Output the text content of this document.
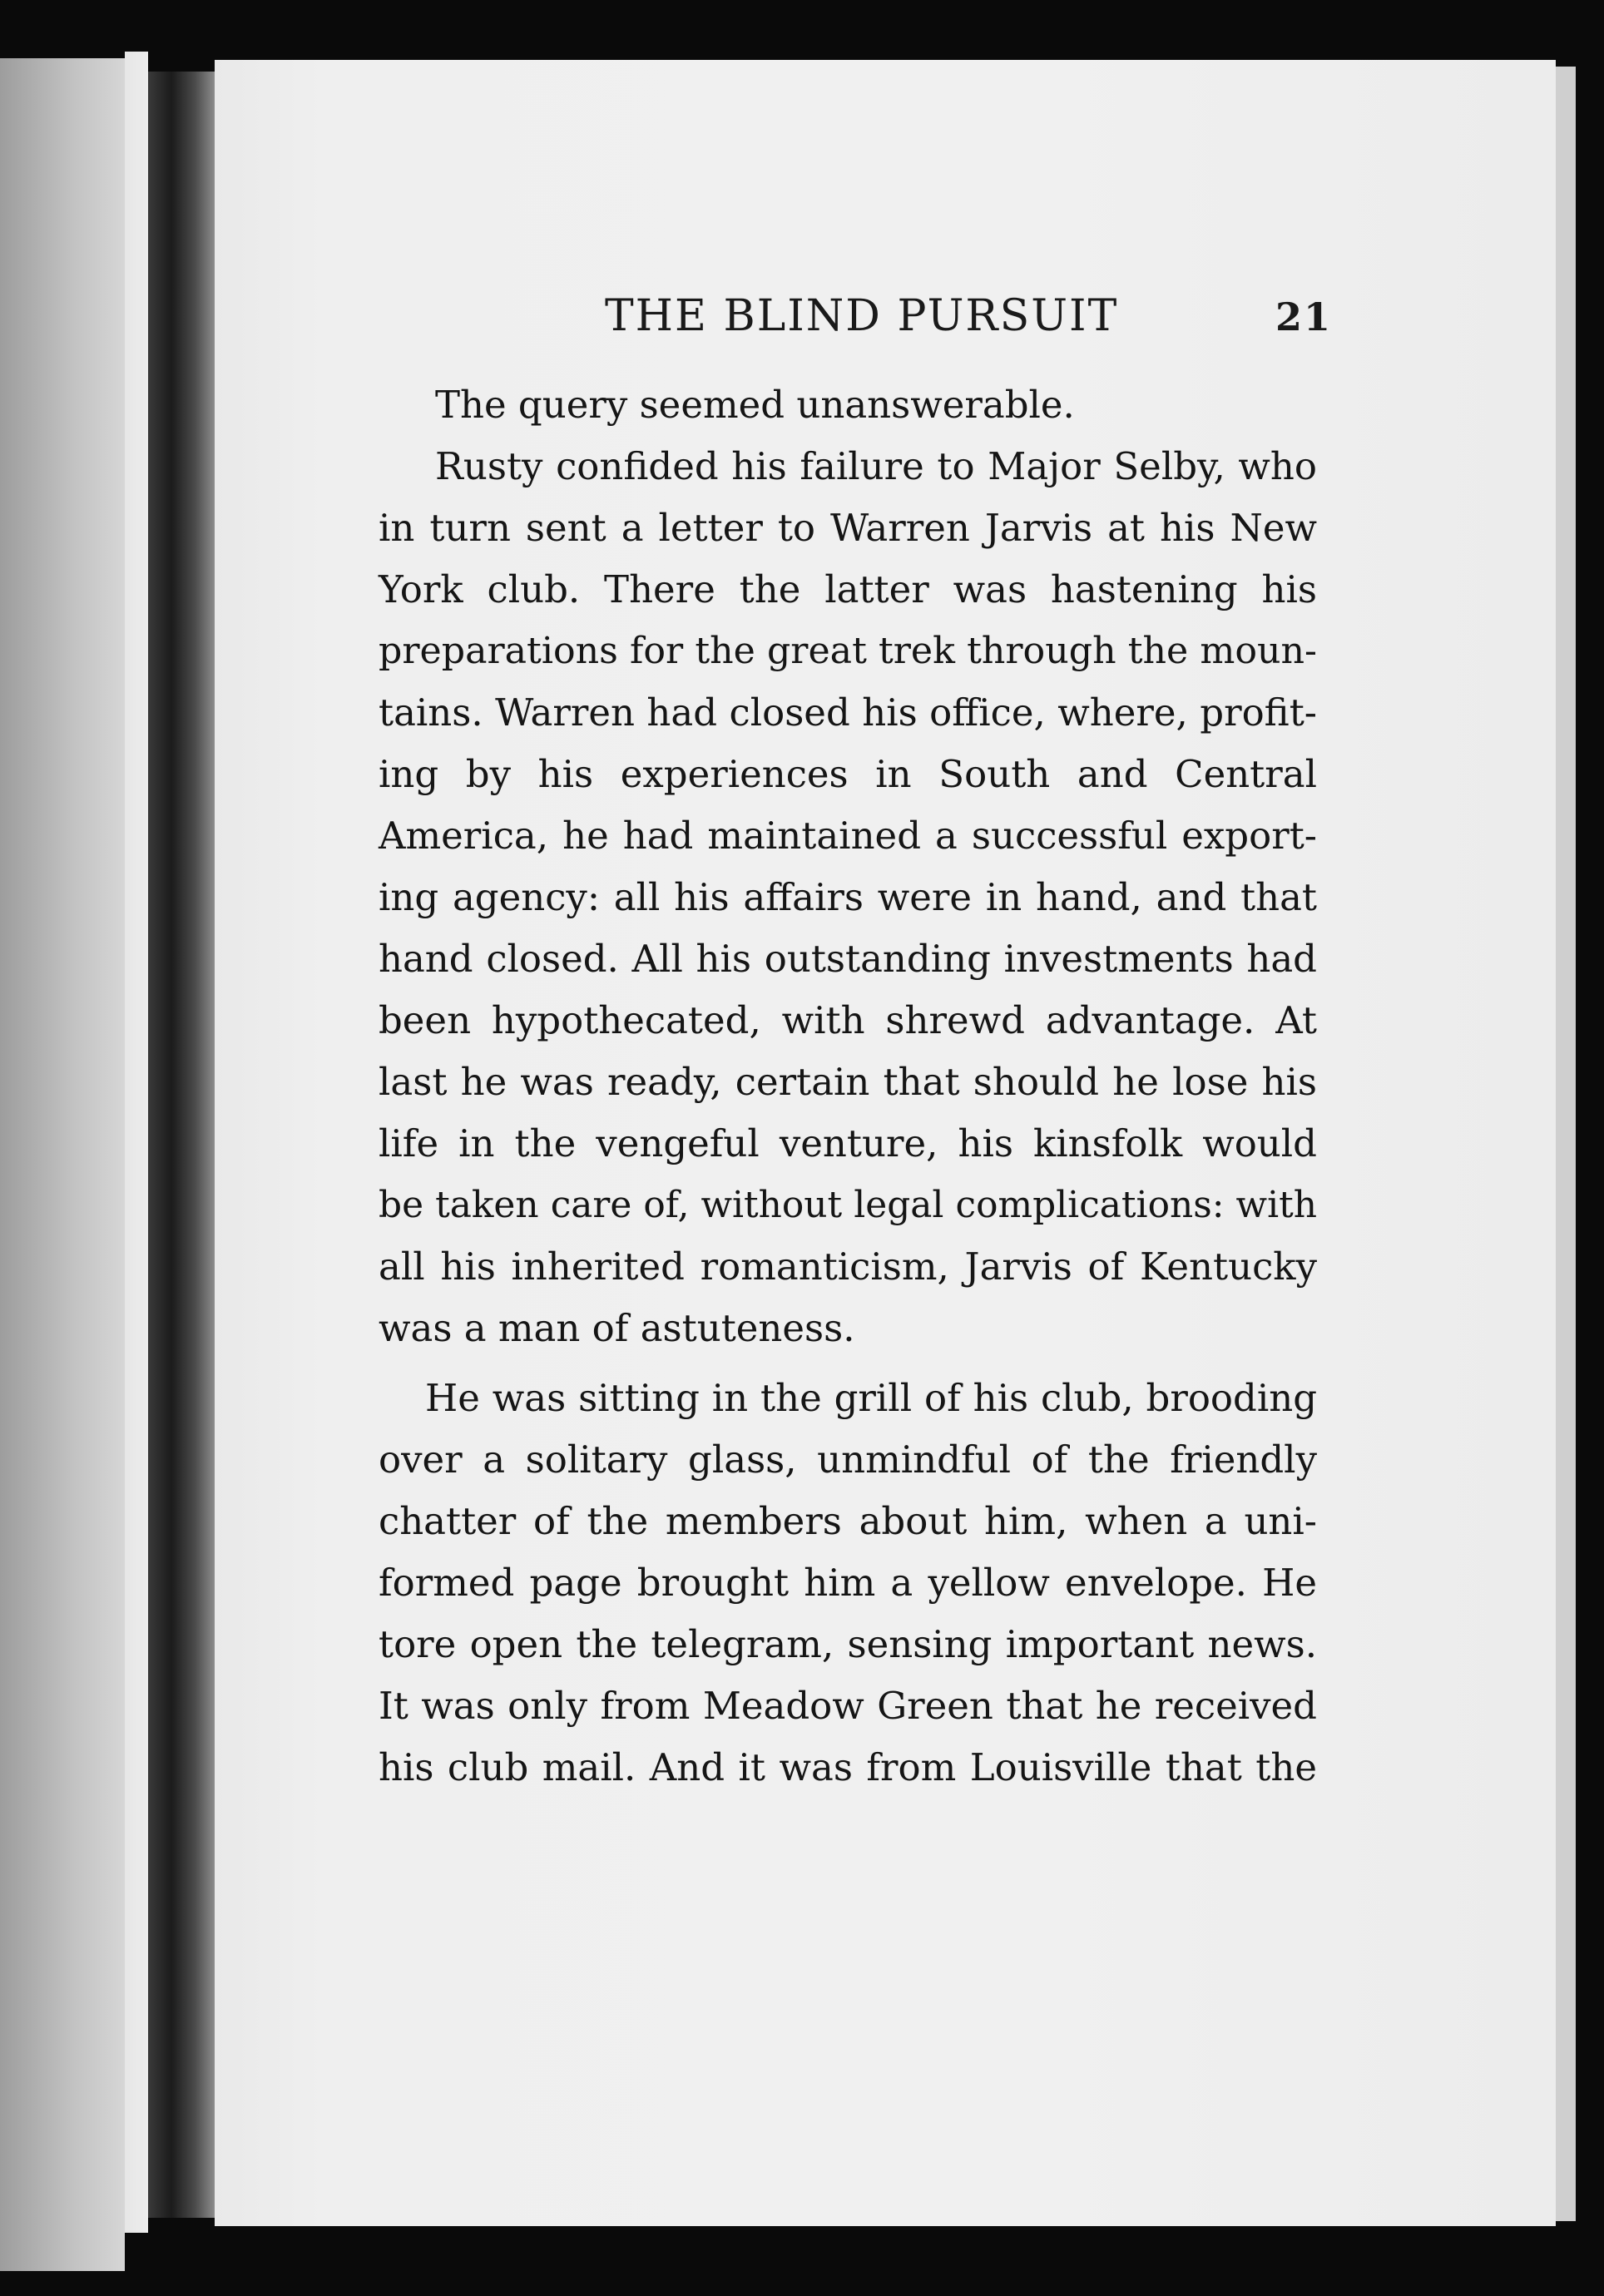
THE BLIND PURSUIT	21
The query seemed unanswerable.
Rusty confided his failure to Major Selby, who
in turn sent a letter to Warren Jarvis at his New
York club. There the latter was hastening his
preparations for the great trek through the moun-
tains. Warren had closed his office, where, profit-
ing by his experiences in South and Central
America, he had maintained a successful export-
ing agency: all his affairs were in hand, and that
hand closed. All his outstanding investments had
been hypothecated, with shrewd advantage. At
last he was ready, certain that should he lose his
life in the vengeful venture, his kinsfolk would
be taken care of, without legal complications: with
all his inherited romanticism, Jarvis of Kentucky
was a man of astuteness.
He was sitting in the grill of his club, brooding
over a solitary glass, unmindful of the friendly
chatter of the members about him, when a uni-
formed page brought him a yellow envelope. He
tore open the telegram, sensing important news.
It was only from Meadow Green that he received
his club mail. And it was from Louisville that the
